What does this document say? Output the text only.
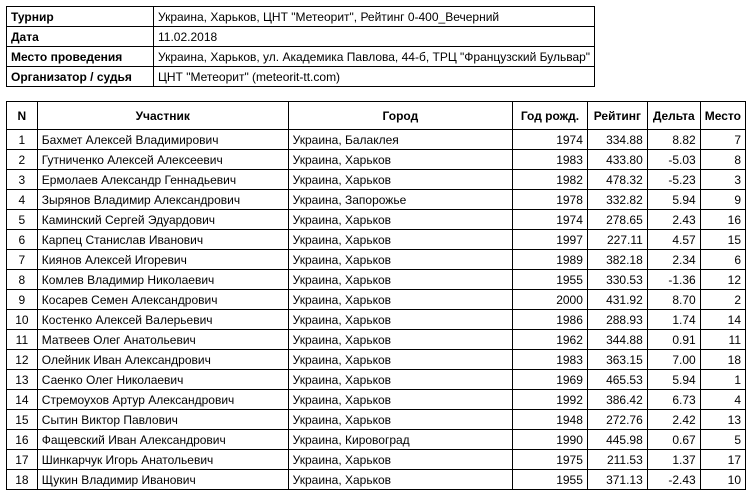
Турнир	Украина, Харьков, ЦНТ "Метеорит", Рейтинг 0-400_Вечерний
Дата	11.02.2018
Место проведения	Украина, Харьков, ул. Академика Павлова, 44-б, ТРЦ "Французский Бульвар"
Организатор / судья	ЦНТ "Метеорит" (meteorit-tt.com)
N	Участник	Город	Год рожд.	Рейтинг	Дельта	Место
1	Бахмет Алексей Владимирович	Украина, Балаклея	1974	334.88	8.82	7
2	Гутниченко Алексей Алексеевич	Украина, Харьков	1983	433.80	-5.03	8
3	Ермолаев Александр Геннадьевич	Украина, Харьков	1982	478.32	-5.23	3
4	Зырянов Владимир Александрович	Украина, Запорожье	1978	332.82	5.94	9
5	Каминский Сергей Эдуардович	Украина, Харьков	1974	278.65	2.43	16
6	Карпец Станислав Иванович	Украина, Харьков	1997	227.11	4.57	15
7	Киянов Алексей Игоревич	Украина, Харьков	1989	382.18	2.34	6
8	Комлев Владимир Николаевич	Украина, Харьков	1955	330.53	-1.36	12
9	Косарев Семен Александрович	Украина, Харьков	2000	431.92	8.70	2
10	Костенко Алексей Валерьевич	Украина, Харьков	1986	288.93	1.74	14
11	Матвеев Олег Анатольевич	Украина, Харьков	1962	344.88	0.91	11
12	Олейник Иван Александрович	Украина, Харьков	1983	363.15	7.00	18
13	Саенко Олег Николаевич	Украина, Харьков	1969	465.53	5.94	1
14	Стремоухов Артур Александрович	Украина, Харьков	1992	386.42	6.73	4
15	Сытин Виктор Павлович	Украина, Харьков	1948	272.76	2.42	13
16	Фащевский Иван Александрович	Украина, Кировоград	1990	445.98	0.67	5
17	Шинкарчук Игорь Анатольевич	Украина, Харьков	1975	211.53	1.37	17
18	Щукин Владимир Иванович	Украина, Харьков	1955	371.13	-2.43	10
